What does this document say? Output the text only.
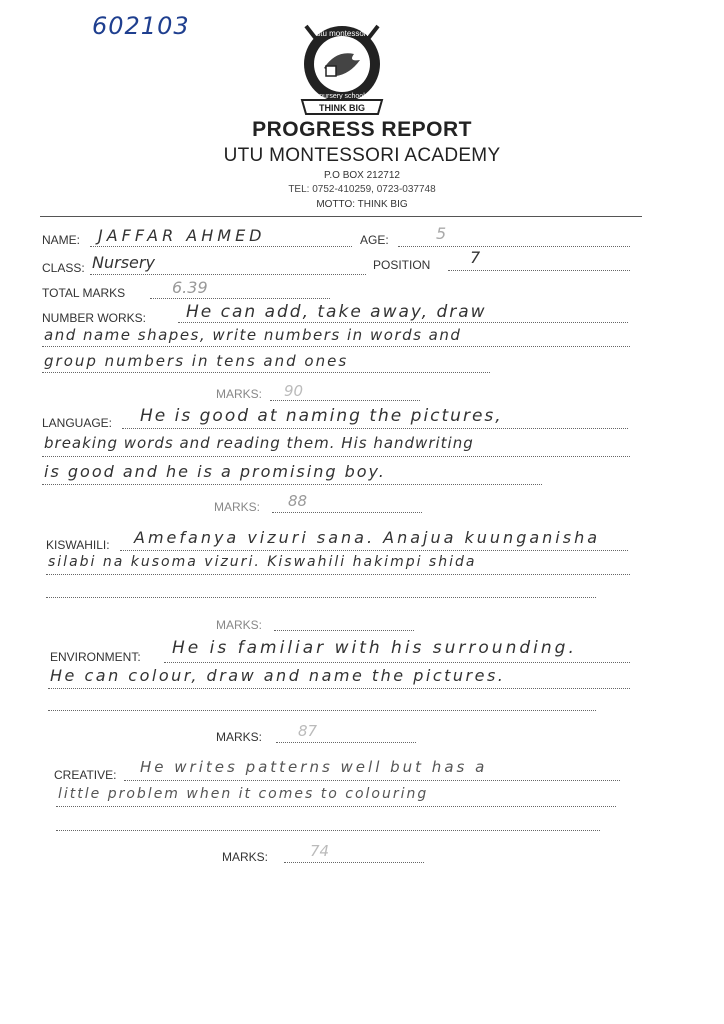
602103	utu montessori
nursery school
THINK BIG
PROGRESS REPORT
UTU MONTESSORI ACADEMY
P.O BOX 212712
TEL: 0752-410259, 0723-037748
MOTTO: THINK BIG
NAME: JAFFAR AHMED	AGE:	5
CLASS: Nursery	POSITION 7
TOTAL MARKS	6.39
NUMBER WORKS: He can add, take away, draw
and name shapes, write numbers in words and
group numbers in tens and ones
MARKS: 90
LANGUAGE: He is good at naming the pictures,
breaking words and reading them. His handwriting
is good and he is a promising boy.
MARKS: 88
KISWAHILI: Amefanya vizuri sana. Anajua kuunganisha
silabi na kusoma vizuri. Kiswahili hakimpi shida
MARKS:
ENVIRONMENT: He is familiar with his surrounding.
He can colour, draw and name the pictures.
MARKS: 87
CREATIVE: He writes patterns well but has a
little problem when it comes to colouring
MARKS:	74
